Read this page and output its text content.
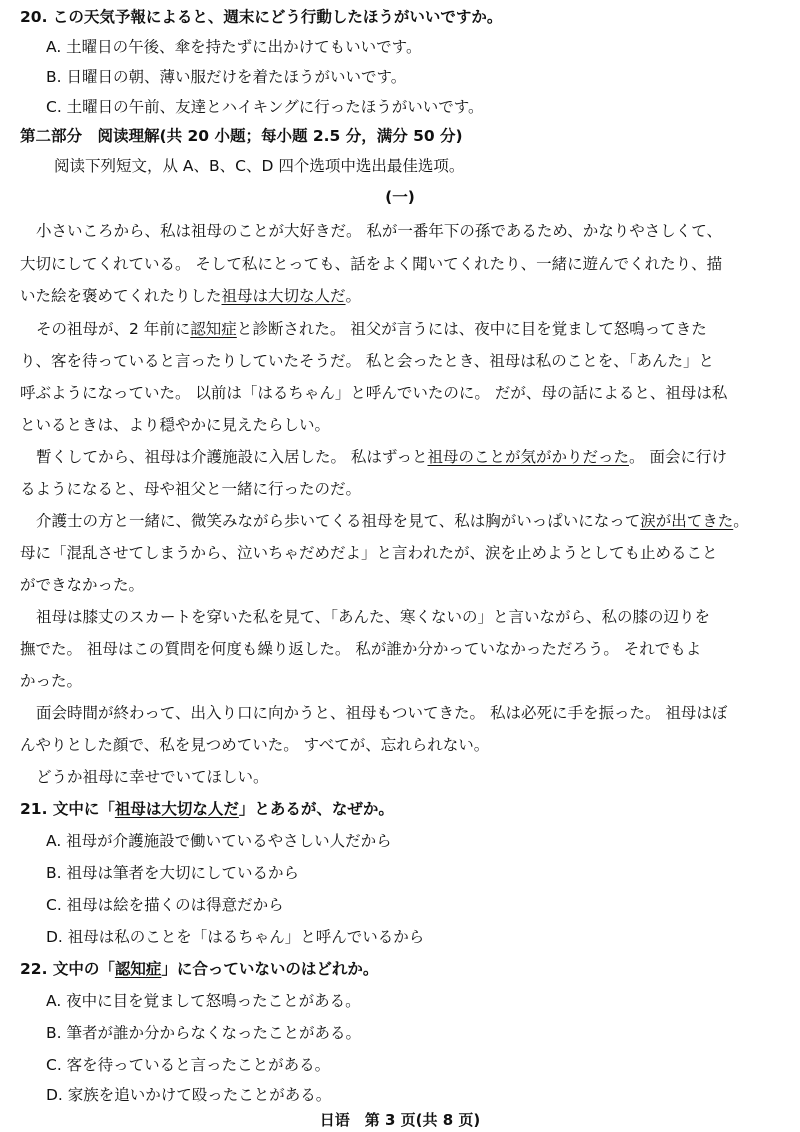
20. この天気予報によると、週末にどう行動したほうがいいですか。
A. 土曜日の午後、傘を持たずに出かけてもいいです。
B. 日曜日の朝、薄い服だけを着たほうがいいです。
C. 土曜日の午前、友達とハイキングに行ったほうがいいです。
第二部分　阅读理解(共 20 小题；每小题 2.5 分，满分 50 分)
阅读下列短文，从 A、B、C、D 四个选项中选出最佳选项。
(一)
小さいころから、私は祖母のことが大好きだ。 私が一番年下の孫であるため、かなりやさしくて、
大切にしてくれている。 そして私にとっても、話をよく聞いてくれたり、一緒に遊んでくれたり、描
いた絵を褒めてくれたりした祖母は大切な人だ。
その祖母が、2 年前に認知症と診断された。 祖父が言うには、夜中に目を覚まして怒鳴ってきた
り、客を待っていると言ったりしていたそうだ。 私と会ったとき、祖母は私のことを、「あんた」と
呼ぶようになっていた。 以前は「はるちゃん」と呼んでいたのに。 だが、母の話によると、祖母は私
といるときは、より穏やかに見えたらしい。
暫くしてから、祖母は介護施設に入居した。 私はずっと祖母のことが気がかりだった。 面会に行け
るようになると、母や祖父と一緒に行ったのだ。
介護士の方と一緒に、微笑みながら歩いてくる祖母を見て、私は胸がいっぱいになって涙が出てきた。
母に「混乱させてしまうから、泣いちゃだめだよ」と言われたが、涙を止めようとしても止めること
ができなかった。
祖母は膝丈のスカートを穿いた私を見て、「あんた、寒くないの」と言いながら、私の膝の辺りを
撫でた。 祖母はこの質問を何度も繰り返した。 私が誰か分かっていなかっただろう。 それでもよ
かった。
面会時間が終わって、出入り口に向かうと、祖母もついてきた。 私は必死に手を振った。 祖母はぼ
んやりとした顔で、私を見つめていた。 すべてが、忘れられない。
どうか祖母に幸せでいてほしい。
21. 文中に「祖母は大切な人だ」とあるが、なぜか。
A. 祖母が介護施設で働いているやさしい人だから
B. 祖母は筆者を大切にしているから
C. 祖母は絵を描くのは得意だから
D. 祖母は私のことを「はるちゃん」と呼んでいるから
22. 文中の「認知症」に合っていないのはどれか。
A. 夜中に目を覚まして怒鳴ったことがある。
B. 筆者が誰か分からなくなったことがある。
C. 客を待っていると言ったことがある。
D. 家族を追いかけて殴ったことがある。
日语　第 3 页(共 8 页)
